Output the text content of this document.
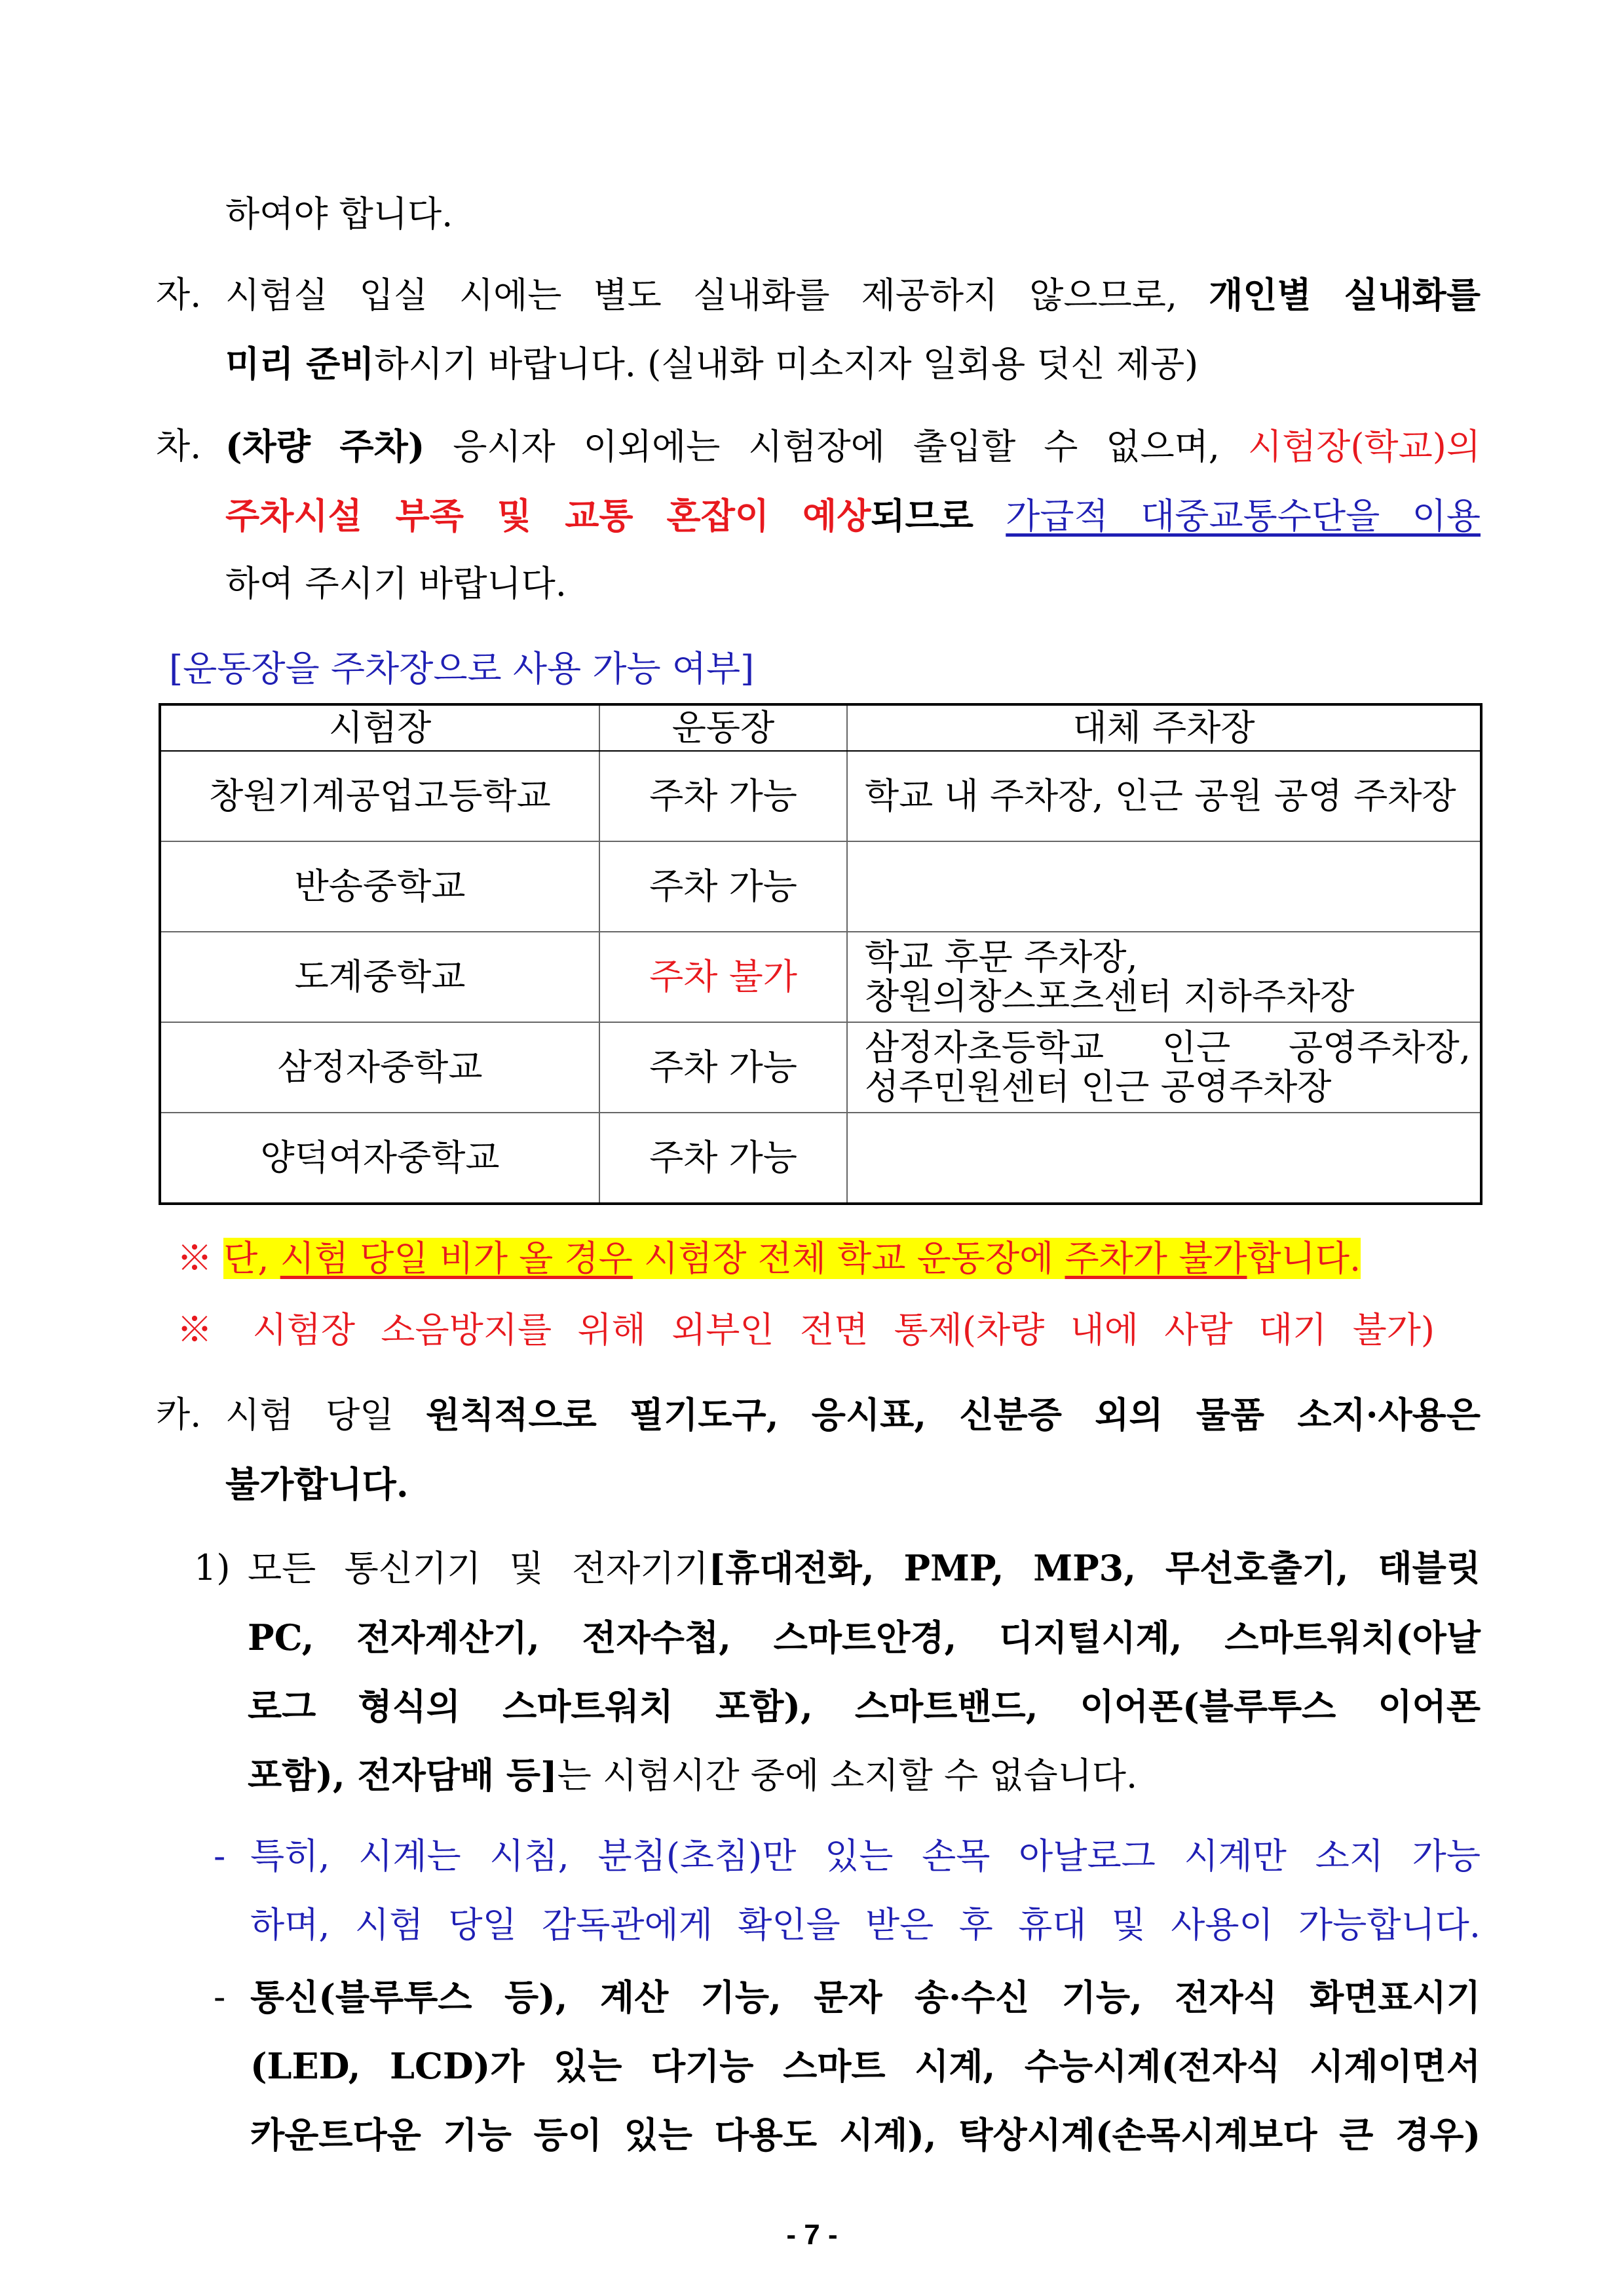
하여야 합니다.
자. 시험실 입실 시에는 별도 실내화를 제공하지 않으므로, 개인별 실내화를
미리 준비하시기 바랍니다. (실내화 미소지자 일회용 덧신 제공)
차. (차량 주차) 응시자 이외에는 시험장에 출입할 수 없으며, 시험장(학교)의
주차시설 부족 및 교통 혼잡이 예상되므로 가급적 대중교통수단을 이용
하여 주시기 바랍니다.
[운동장을 주차장으로 사용 가능 여부]
시험장	운동장	대체 주차장
창원기계공업고등학교	주차 가능	학교 내 주차장, 인근 공원 공영 주차장

반송중학교	주차 가능	
도계중학교	주차 불가	학교 후문 주차장,
창원의창스포츠센터 지하주차장

삼정자중학교	주차 가능	삼정자초등학교 인근 공영주차장,
성주민원센터 인근 공영주차장

양덕여자중학교	주차 가능	
※ 단, 시험 당일 비가 올 경우 시험장 전체 학교 운동장에 주차가 불가합니다.
※ 시험장 소음방지를 위해 외부인 전면 통제(차량 내에 사람 대기 불가)
카. 시험 당일 원칙적으로 필기도구, 응시표, 신분증 외의 물품 소지·사용은
불가합니다.
1) 모든 통신기기 및 전자기기[휴대전화, PMP, MP3, 무선호출기, 태블릿
PC, 전자계산기, 전자수첩, 스마트안경, 디지털시계, 스마트워치(아날
로그 형식의 스마트워치 포함), 스마트밴드, 이어폰(블루투스 이어폰
포함), 전자담배 등]는 시험시간 중에 소지할 수 없습니다.
- 특히, 시계는 시침, 분침(초침)만 있는 손목 아날로그 시계만 소지 가능
하며, 시험 당일 감독관에게 확인을 받은 후 휴대 및 사용이 가능합니다.
- 통신(블루투스 등), 계산 기능, 문자 송·수신 기능, 전자식 화면표시기
(LED, LCD)가 있는 다기능 스마트 시계, 수능시계(전자식 시계이면서
카운트다운 기능 등이 있는 다용도 시계), 탁상시계(손목시계보다 큰 경우)
- 7 -
